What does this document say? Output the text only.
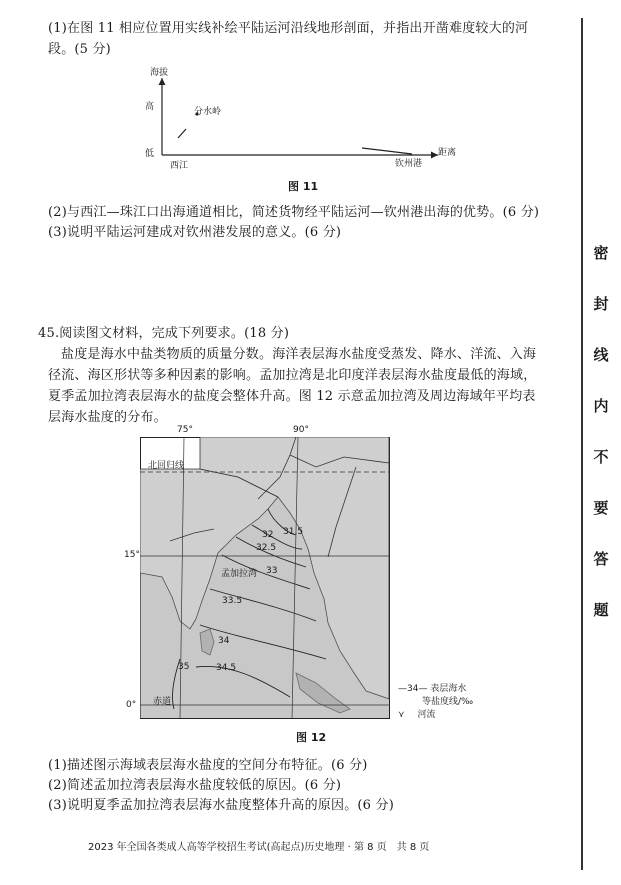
(1)在图 11 相应位置用实线补绘平陆运河沿线地形剖面，并指出开凿难度较大的河
段。(5 分)
海拔
高
低
分水岭
西江	钦州港
距离
图 11
(2)与西江—珠江口出海通道相比，简述货物经平陆运河—钦州港出海的优势。(6 分)
(3)说明平陆运河建成对钦州港发展的意义。(6 分)
45.阅读图文材料，完成下列要求。(18 分)
盐度是海水中盐类物质的质量分数。海洋表层海水盐度受蒸发、降水、洋流、入海
径流、海区形状等多种因素的影响。孟加拉湾是北印度洋表层海水盐度最低的海域，
夏季孟加拉湾表层海水的盐度会整体升高。图 12 示意孟加拉湾及周边海域年平均表
层海水盐度的分布。
75°	90°
15°
0°
北回归线
赤道
孟加拉湾
31.5
32
32.5
33
33.5
34
34.5
35
—34— 表层海水
等盐度线/‰
⋎ 河流
图 12
(1)描述图示海域表层海水盐度的空间分布特征。(6 分)
(2)简述孟加拉湾表层海水盐度较低的原因。(6 分)
(3)说明夏季孟加拉湾表层海水盐度整体升高的原因。(6 分)
2023 年全国各类成人高等学校招生考试(高起点)历史地理 · 第 8 页　共 8 页
密
封
线
内
不
要
答
题
